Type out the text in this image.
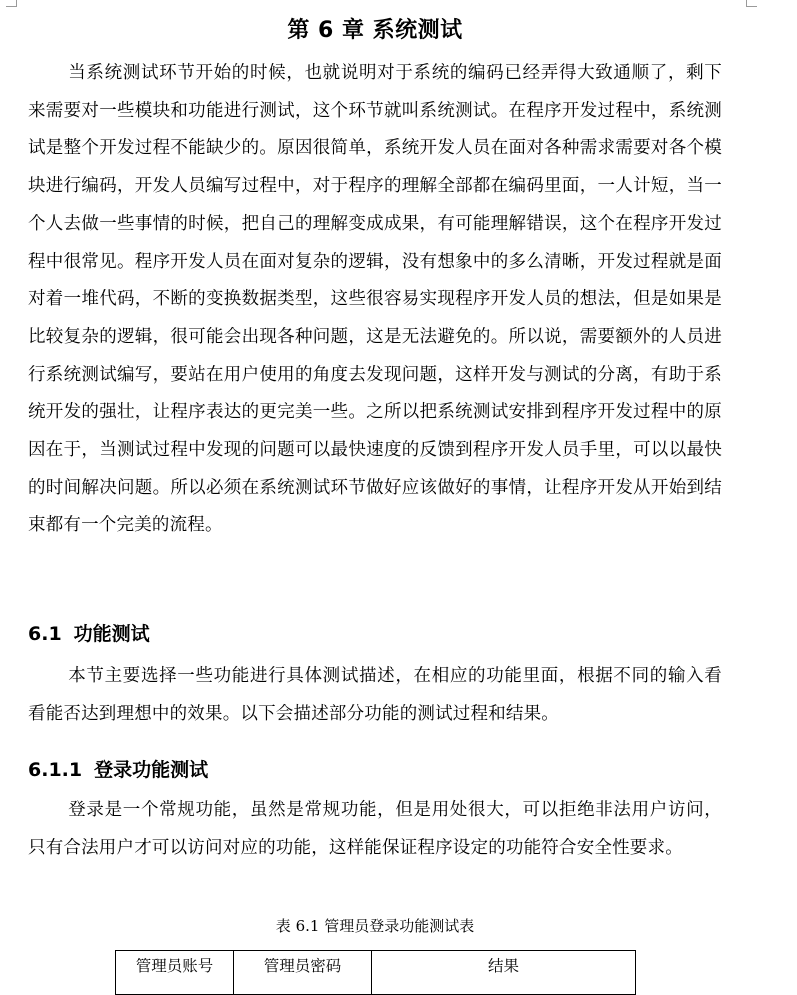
第 6 章 系统测试

当系统测试环节开始的时候，也就说明对于系统的编码已经弄得大致通顺了，剩下来需要对一些模块和功能进行测试，这个环节就叫系统测试。在程序开发过程中，系统测试是整个开发过程不能缺少的。原因很简单，系统开发人员在面对各种需求需要对各个模块进行编码，开发人员编写过程中，对于程序的理解全部都在编码里面，一人计短，当一个人去做一些事情的时候，把自己的理解变成成果，有可能理解错误，这个在程序开发过程中很常见。程序开发人员在面对复杂的逻辑，没有想象中的多么清晰，开发过程就是面对着一堆代码，不断的变换数据类型，这些很容易实现程序开发人员的想法，但是如果是比较复杂的逻辑，很可能会出现各种问题，这是无法避免的。所以说，需要额外的人员进行系统测试编写，要站在用户使用的角度去发现问题，这样开发与测试的分离，有助于系统开发的强壮，让程序表达的更完美一些。之所以把系统测试安排到程序开发过程中的原因在于，当测试过程中发现的问题可以最快速度的反馈到程序开发人员手里，可以以最快的时间解决问题。所以必须在系统测试环节做好应该做好的事情，让程序开发从开始到结束都有一个完美的流程。

6.1 功能测试

本节主要选择一些功能进行具体测试描述，在相应的功能里面，根据不同的输入看看能否达到理想中的效果。以下会描述部分功能的测试过程和结果。

6.1.1 登录功能测试

登录是一个常规功能，虽然是常规功能，但是用处很大，可以拒绝非法用户访问，只有合法用户才可以访问对应的功能，这样能保证程序设定的功能符合安全性要求。

表 6.1 管理员登录功能测试表
管理员账号	管理员密码	结果
